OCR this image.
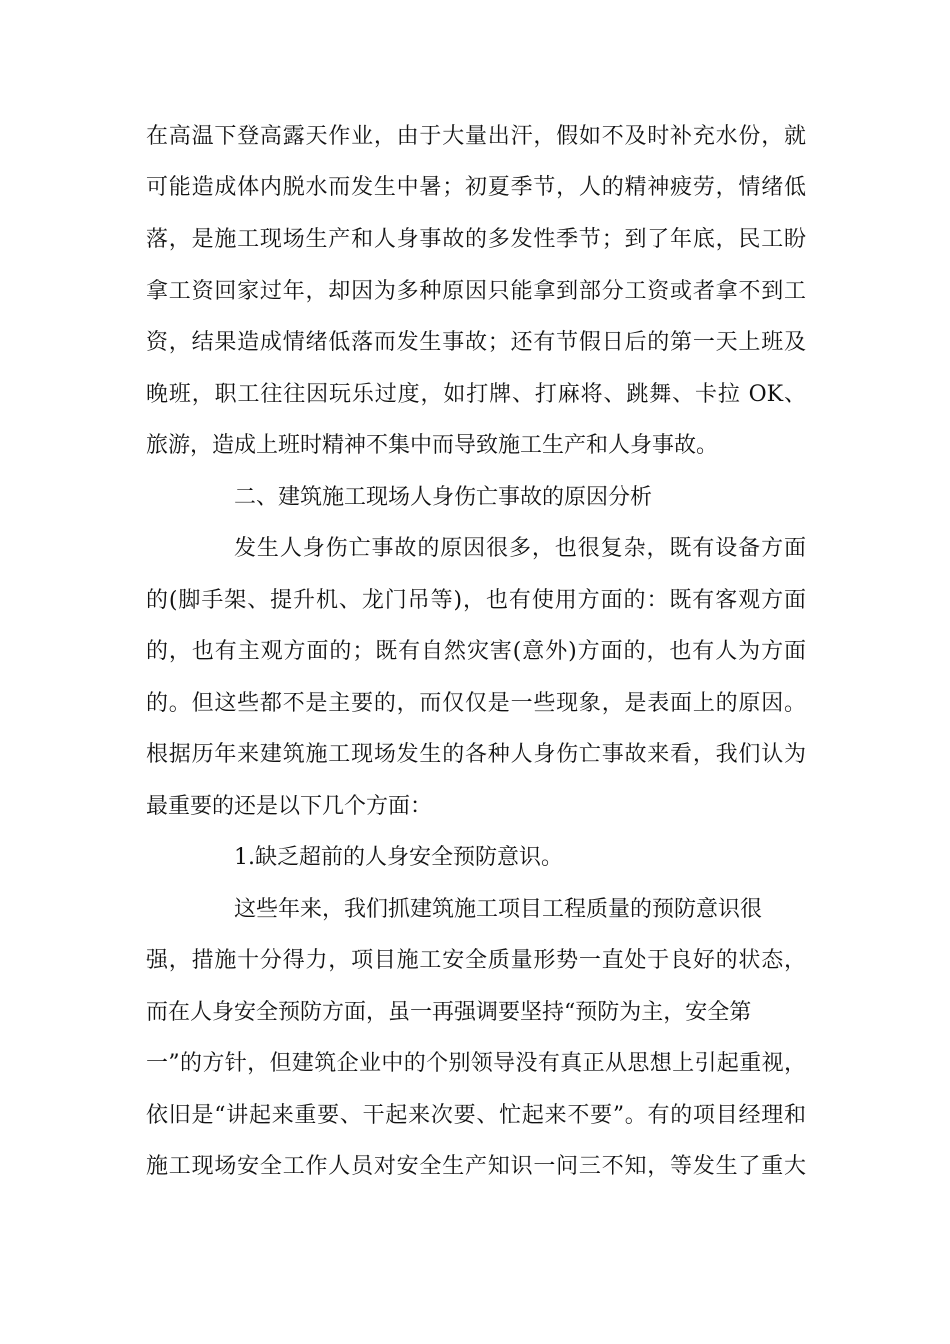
在高温下登高露天作业，由于大量出汗，假如不及时补充水份，就
可能造成体内脱水而发生中暑；初夏季节，人的精神疲劳，情绪低
落，是施工现场生产和人身事故的多发性季节；到了年底，民工盼
拿工资回家过年，却因为多种原因只能拿到部分工资或者拿不到工
资，结果造成情绪低落而发生事故；还有节假日后的第一天上班及
晚班，职工往往因玩乐过度，如打牌、打麻将、跳舞、卡拉 OK、
旅游，造成上班时精神不集中而导致施工生产和人身事故。
二、建筑施工现场人身伤亡事故的原因分析
发生人身伤亡事故的原因很多，也很复杂，既有设备方面
的(脚手架、提升机、龙门吊等)，也有使用方面的：既有客观方面
的，也有主观方面的；既有自然灾害(意外)方面的，也有人为方面
的。但这些都不是主要的，而仅仅是一些现象，是表面上的原因。
根据历年来建筑施工现场发生的各种人身伤亡事故来看，我们认为
最重要的还是以下几个方面：
1.缺乏超前的人身安全预防意识。
这些年来，我们抓建筑施工项目工程质量的预防意识很
强，措施十分得力，项目施工安全质量形势一直处于良好的状态，
而在人身安全预防方面，虽一再强调要坚持“预防为主，安全第
一”的方针，但建筑企业中的个别领导没有真正从思想上引起重视，
依旧是“讲起来重要、干起来次要、忙起来不要”。有的项目经理和
施工现场安全工作人员对安全生产知识一问三不知，等发生了重大
